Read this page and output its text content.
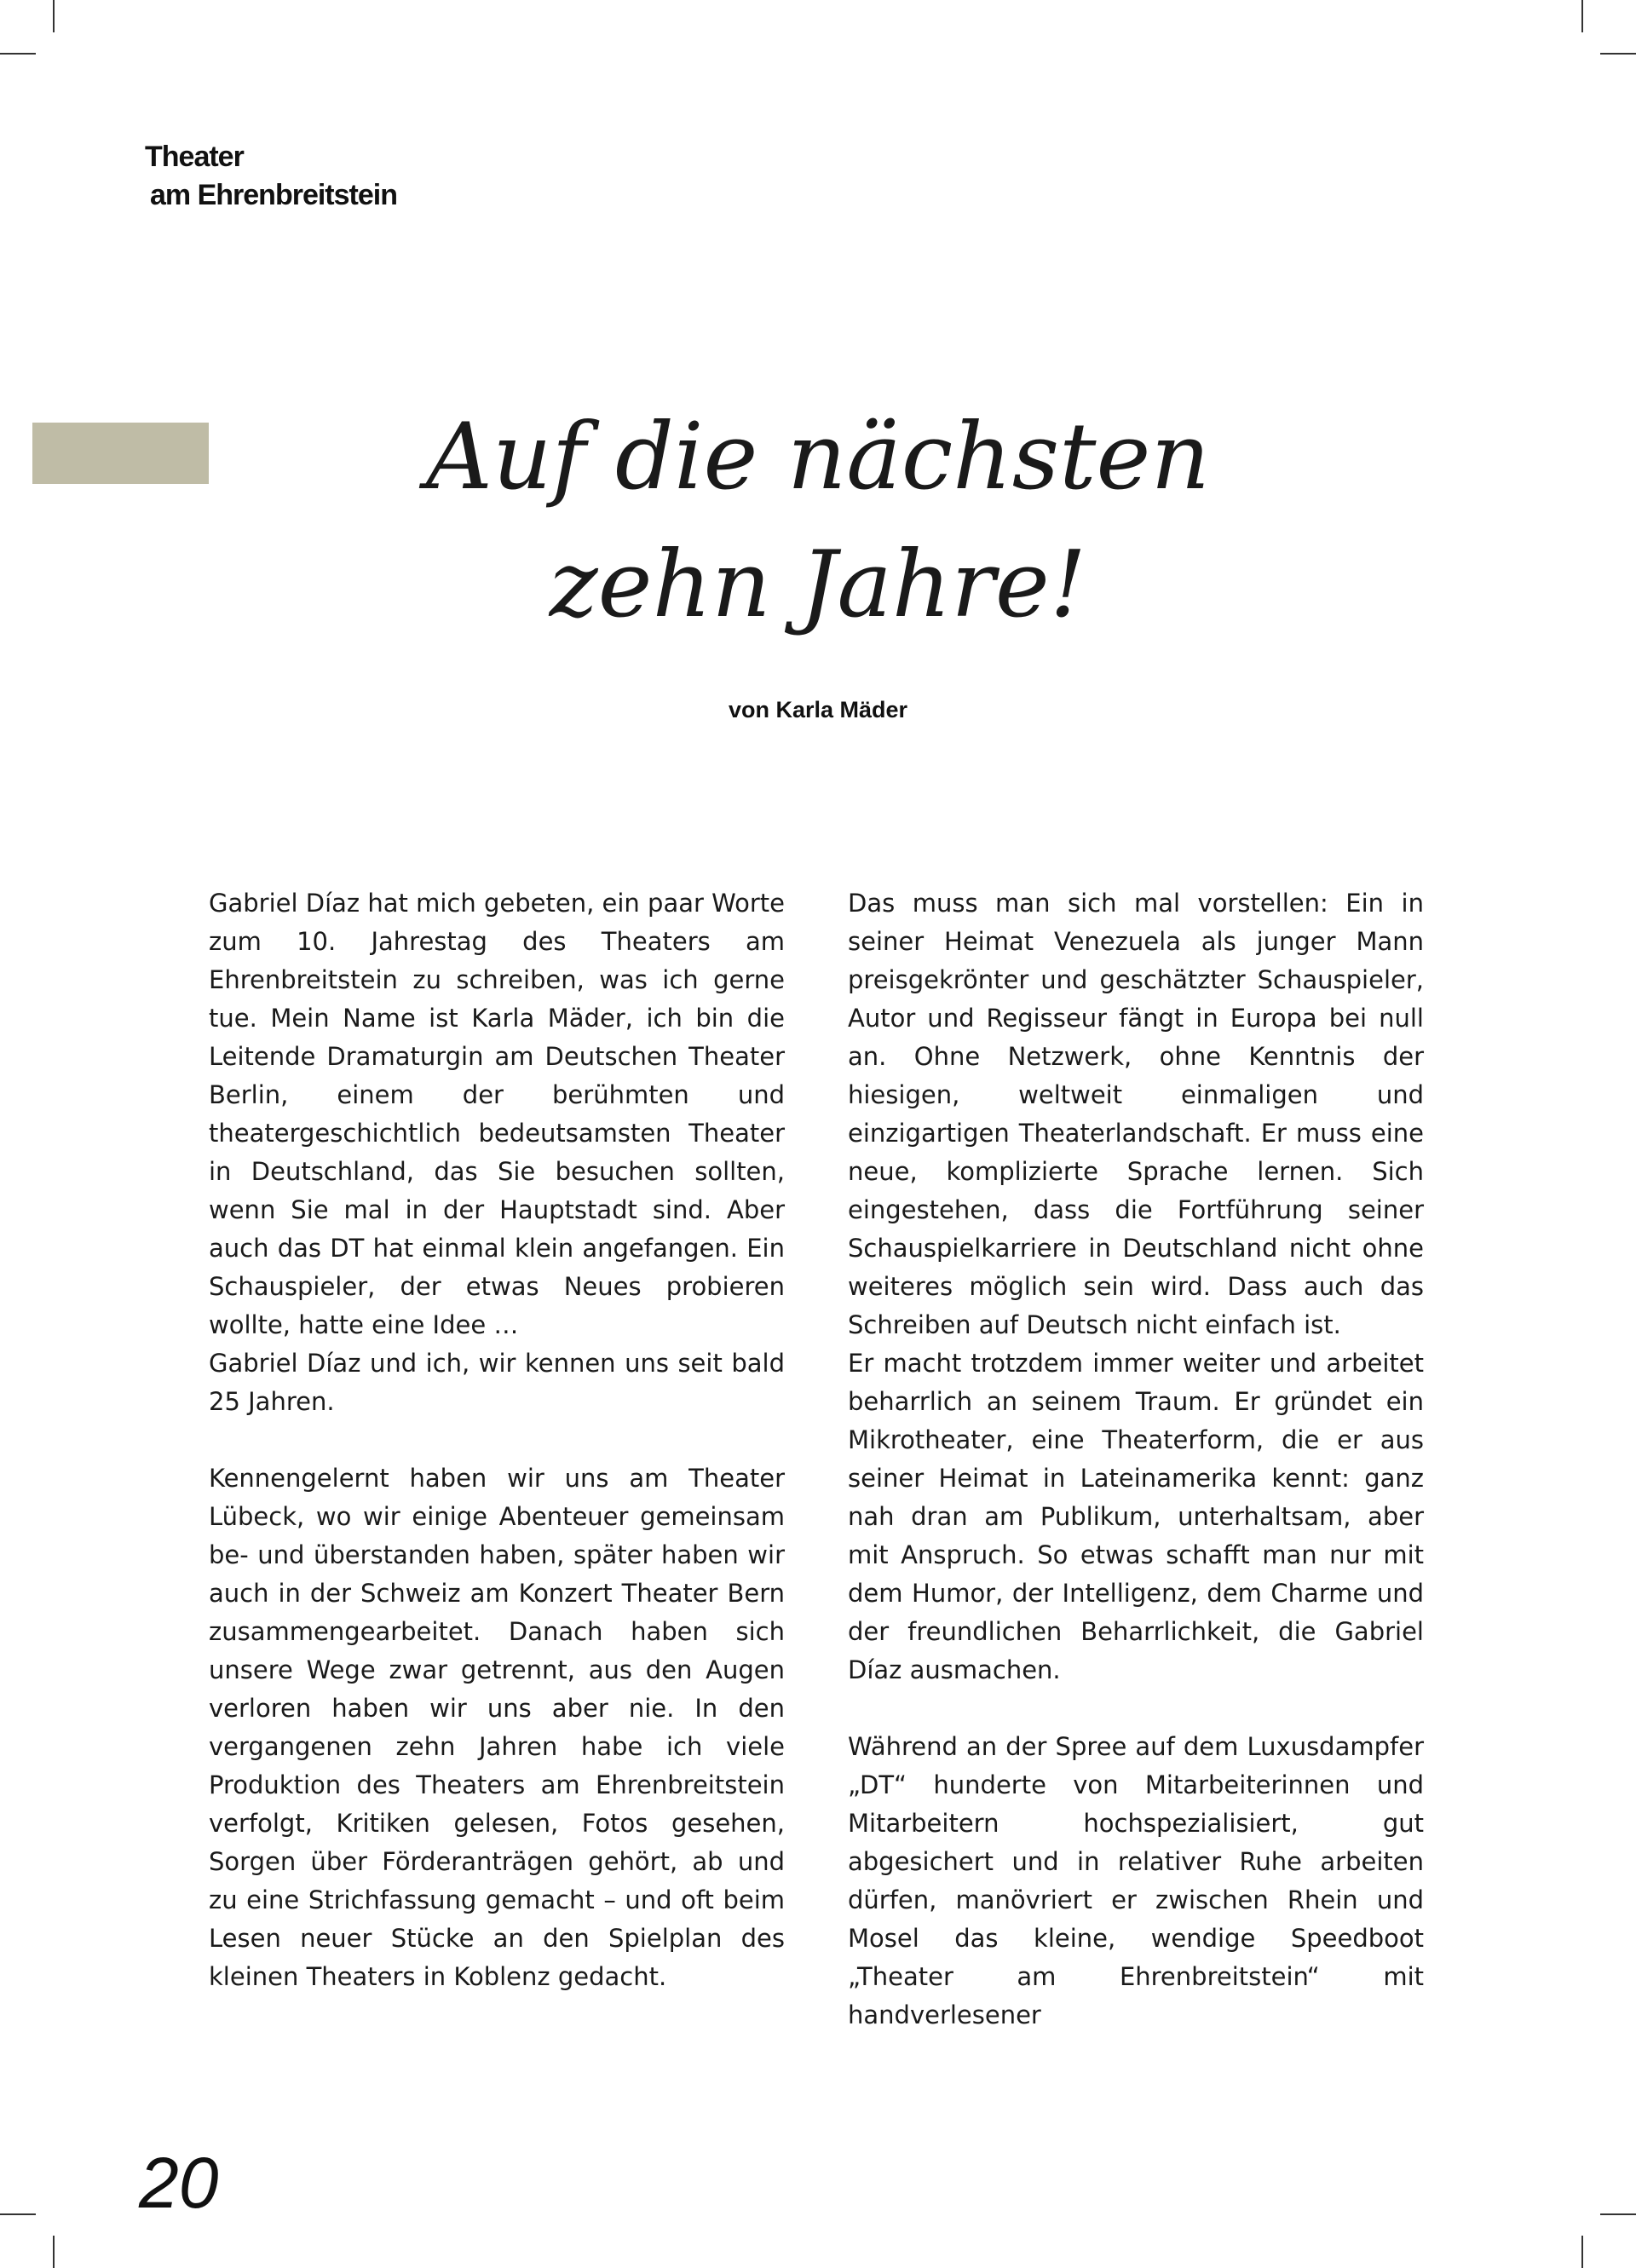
Theater
am Ehrenbreitstein
Auf die nächsten
zehn Jahre!
von Karla Mäder

Gabriel Díaz hat mich gebeten, ein paar Worte zum 10. Jahrestag des Theaters am Ehrenbreitstein zu schreiben, was ich gerne tue. Mein Name ist Karla Mäder, ich bin die Leitende Dramaturgin am Deutschen Theater Berlin, einem der berühmten und theatergeschichtlich bedeutsamsten Theater in Deutschland, das Sie besuchen sollten, wenn Sie mal in der Hauptstadt sind. Aber auch das DT hat einmal klein angefangen. Ein Schauspieler, der etwas Neues probieren wollte, hatte eine Idee …

Gabriel Díaz und ich, wir kennen uns seit bald 25 Jahren.

Kennengelernt haben wir uns am Theater Lübeck, wo wir einige Abenteuer gemeinsam be- und überstanden haben, später haben wir auch in der Schweiz am Konzert Theater Bern zusammengearbeitet. Danach haben sich unsere Wege zwar getrennt, aus den Augen verloren haben wir uns aber nie. In den vergangenen zehn Jahren habe ich viele Produktion des Theaters am Ehrenbreitstein verfolgt, Kritiken gelesen, Fotos gesehen, Sorgen über Förderanträgen gehört, ab und zu eine Strichfassung gemacht – und oft beim Lesen neuer Stücke an den Spielplan des kleinen Theaters in Koblenz gedacht.

Das muss man sich mal vorstellen: Ein in seiner Heimat Venezuela als junger Mann preisgekrönter und geschätzter Schauspieler, Autor und Regisseur fängt in Europa bei null an. Ohne Netzwerk, ohne Kenntnis der hiesigen, weltweit einmaligen und einzigartigen Theaterlandschaft. Er muss eine neue, komplizierte Sprache lernen. Sich eingestehen, dass die Fortführung seiner Schauspielkarriere in Deutschland nicht ohne weiteres möglich sein wird. Dass auch das Schreiben auf Deutsch nicht einfach ist.

Er macht trotzdem immer weiter und arbeitet beharrlich an seinem Traum. Er gründet ein Mikrotheater, eine Theaterform, die er aus seiner Heimat in Lateinamerika kennt: ganz nah dran am Publikum, unterhaltsam, aber mit Anspruch. So etwas schafft man nur mit dem Humor, der Intelligenz, dem Charme und der freundlichen Beharrlichkeit, die Gabriel Díaz ausmachen.

Während an der Spree auf dem Luxusdampfer „DT“ hunderte von Mitarbeiterinnen und Mitarbeitern hochspezialisiert, gut abgesichert und in relativer Ruhe arbeiten dürfen, manövriert er zwischen Rhein und Mosel das kleine, wendige Speedboot „Theater am Ehrenbreitstein“ mit handverlesener

20
